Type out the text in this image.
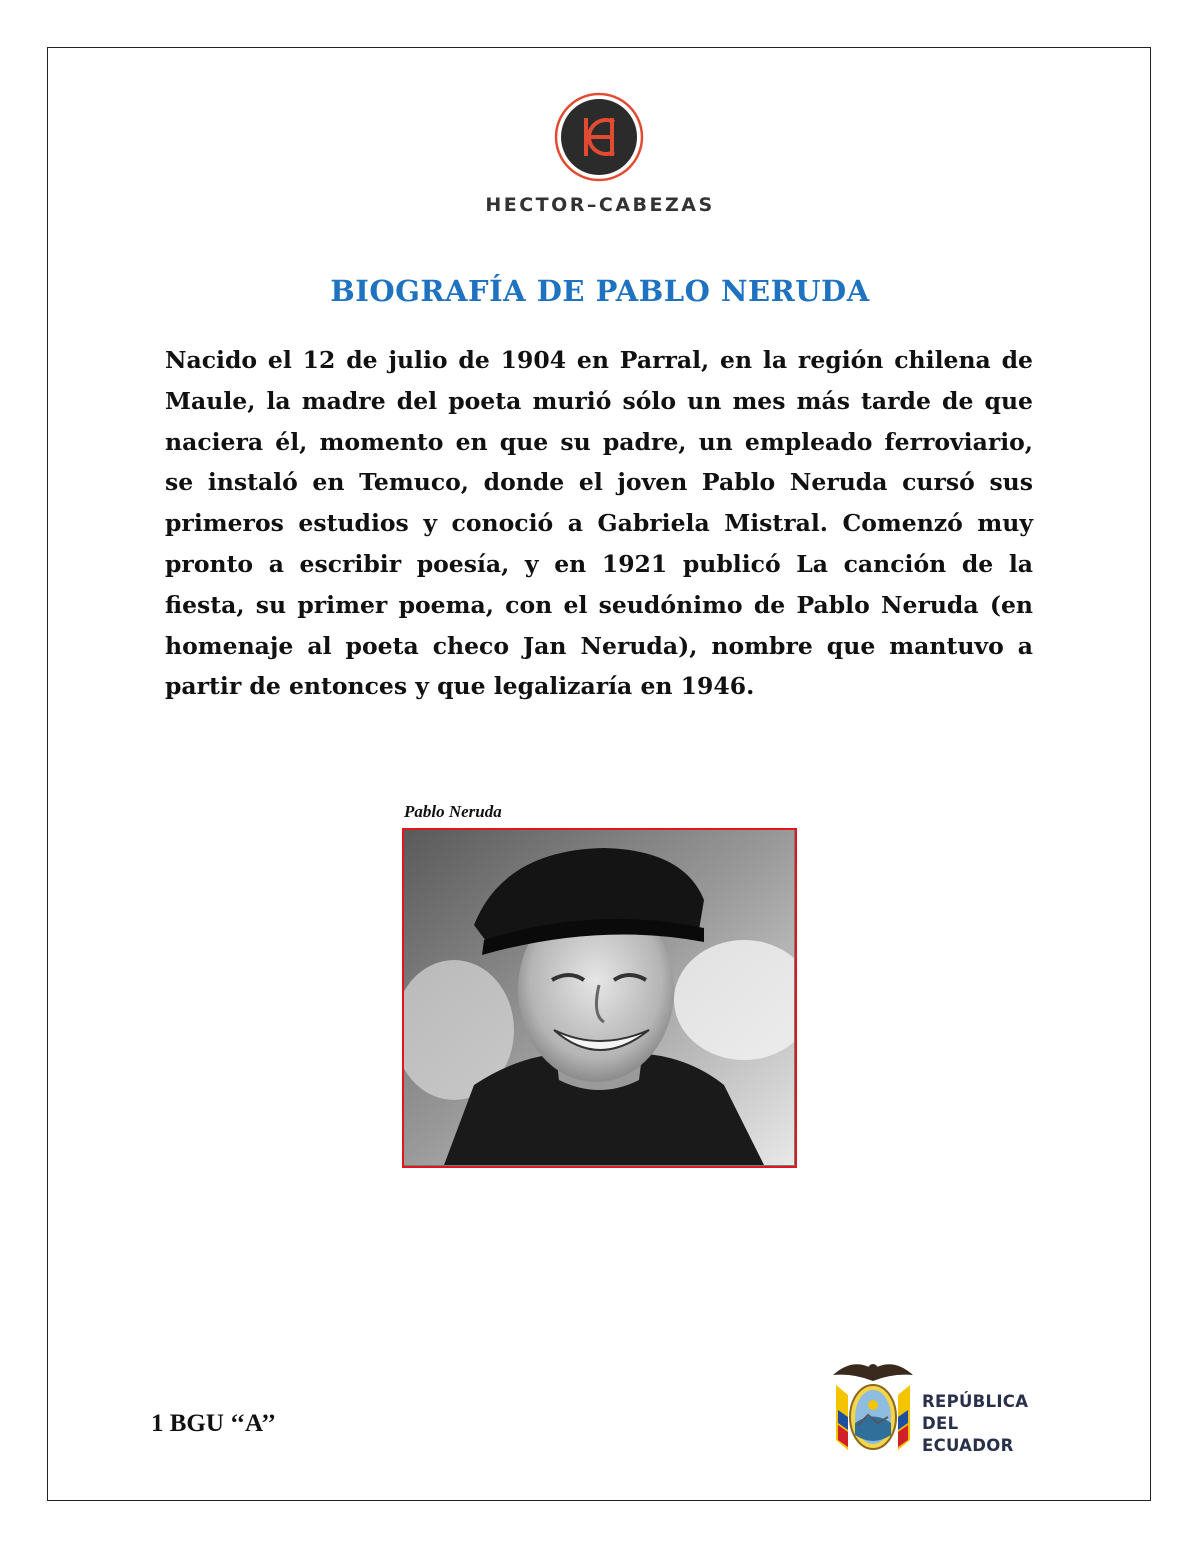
HECTOR–CABEZAS
BIOGRAFÍA DE PABLO NERUDA
Nacido el 12 de julio de 1904 en Parral, en la región chilena de Maule, la madre del poeta murió sólo un mes más tarde de que naciera él, momento en que su padre, un empleado ferroviario, se instaló en Temuco, donde el joven Pablo Neruda cursó sus primeros estudios y conoció a Gabriela Mistral. Comenzó muy pronto a escribir poesía, y en 1921 publicó La canción de la fiesta, su primer poema, con el seudónimo de Pablo Neruda (en homenaje al poeta checo Jan Neruda), nombre que mantuvo a partir de entonces y que legalizaría en 1946.
Pablo Neruda
1 BGU ‘‘A’’
REPÚBLICA
DEL ECUADOR
